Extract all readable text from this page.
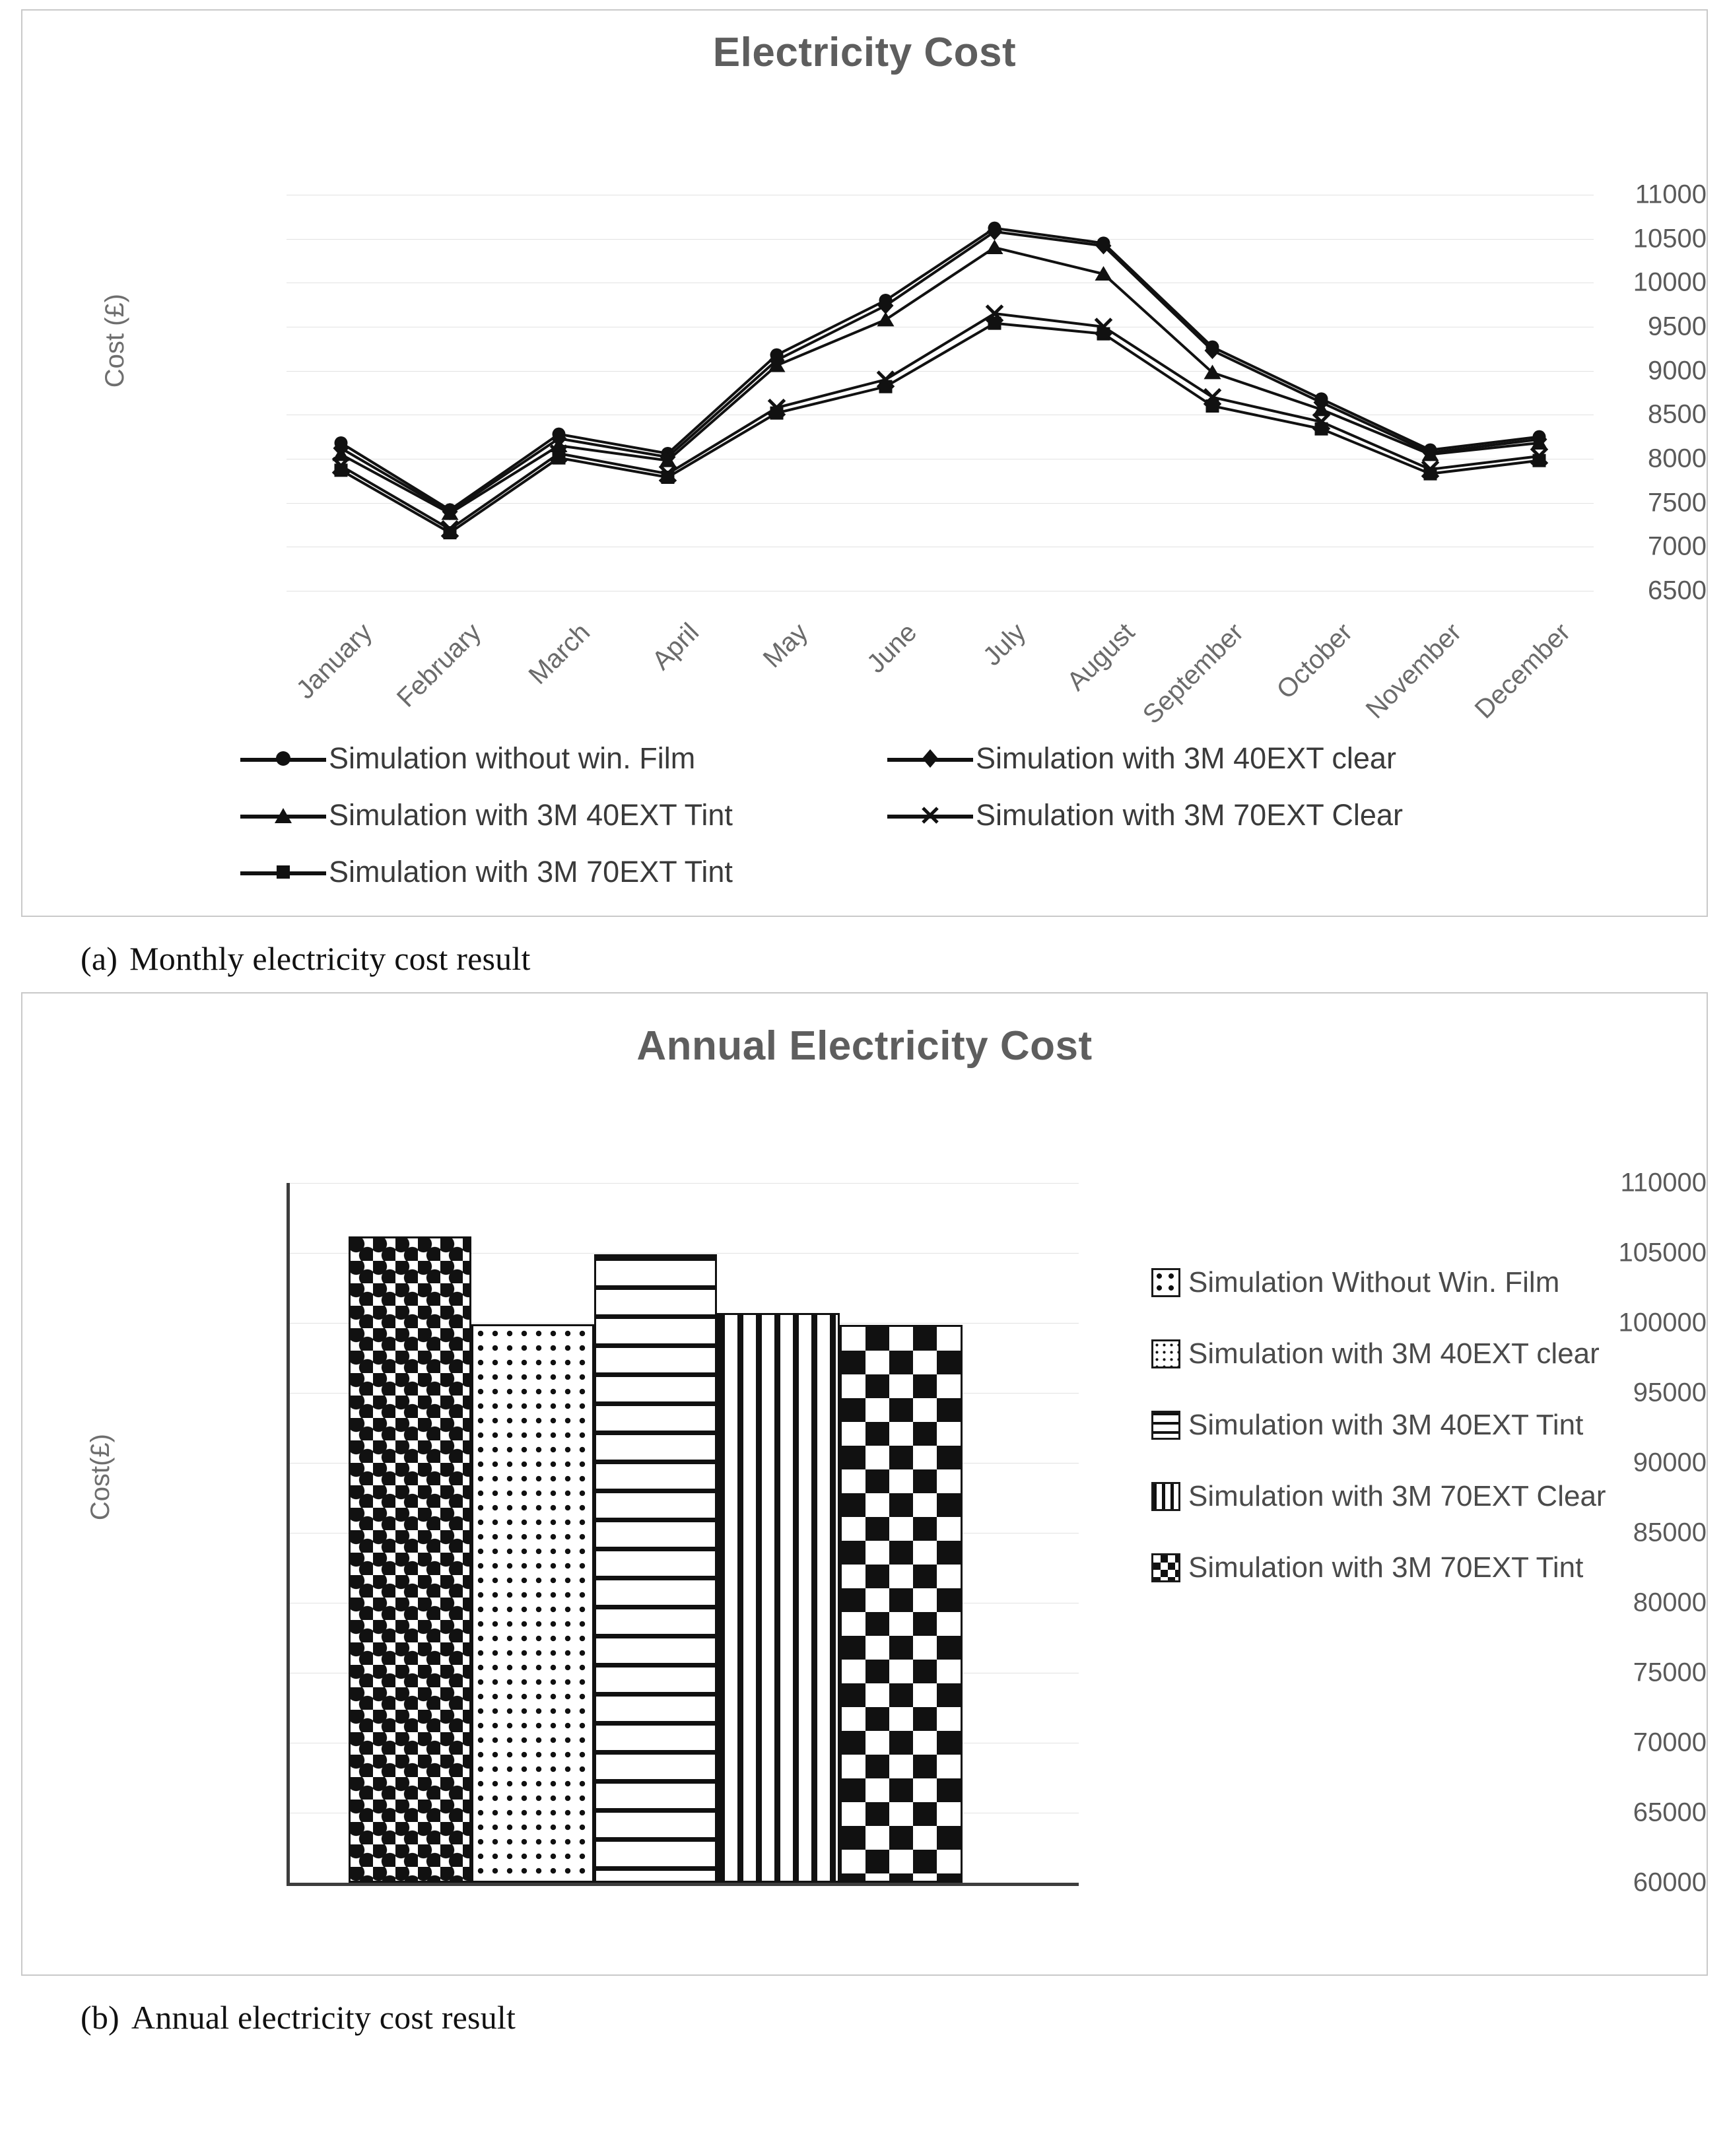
Electricity Cost
Cost (£)
11000
10500
10000
9500
9000
8500
8000
7500
7000
6500
January February	March	April	May	June	July	August
September October November December
Simulation without win. Film	Simulation with 3M 40EXT clear
Simulation with 3M 40EXT Tint	Simulation with 3M 70EXT Clear
Simulation with 3M 70EXT Tint
(a) Monthly electricity cost result
Annual Electricity Cost
Cost(£)
110000
105000
100000
95000
90000
85000
80000
75000
70000
65000
60000
Simulation Without Win. Film
Simulation with 3M 40EXT clear
Simulation with 3M 40EXT Tint
Simulation with 3M 70EXT Clear
Simulation with 3M 70EXT Tint
(b) Annual electricity cost result
